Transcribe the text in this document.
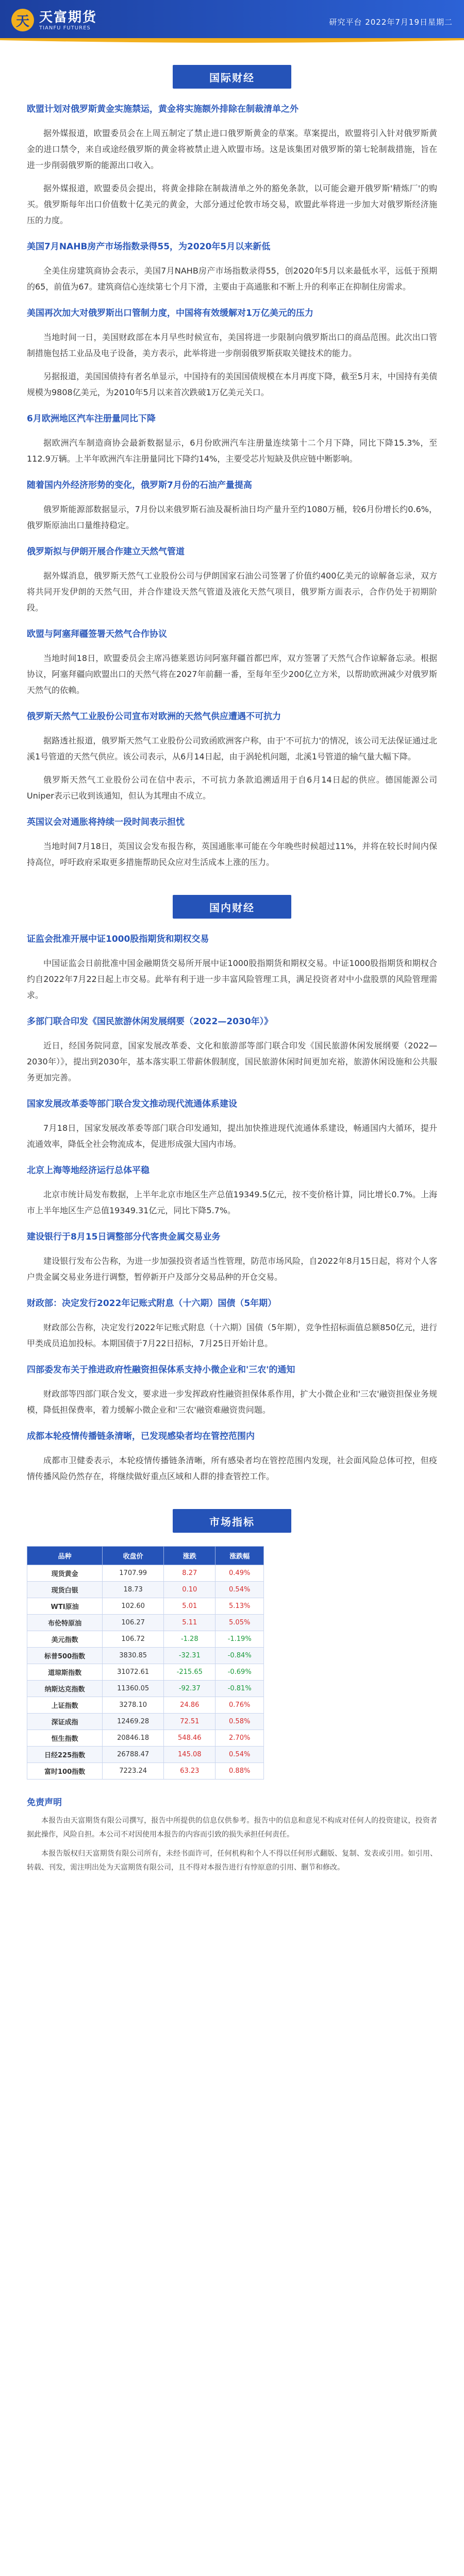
天 天富期货
TIANFU FUTURES
研究平台 2022年7月19日星期二
国际财经
欧盟计划对俄罗斯黄金实施禁运，黄金将实施额外排除在制裁清单之外
据外媒报道，欧盟委员会在上周五制定了禁止进口俄罗斯黄金的草案。草案提出，欧盟将引入针对俄罗斯黄金的进口禁令，来自或途经俄罗斯的黄金将被禁止进入欧盟市场。这是该集团对俄罗斯的第七轮制裁措施，旨在进一步削弱俄罗斯的能源出口收入。
据外媒报道，欧盟委员会提出，将黄金排除在制裁清单之外的豁免条款，以可能会避开俄罗斯'精炼厂'的购买。俄罗斯每年出口价值数十亿美元的黄金，大部分通过伦敦市场交易，欧盟此举将进一步加大对俄罗斯经济施压的力度。
美国7月NAHB房产市场指数录得55，为2020年5月以来新低
全美住房建筑商协会表示，美国7月NAHB房产市场指数录得55，创2020年5月以来最低水平，远低于预期的65，前值为67。建筑商信心连续第七个月下滑，主要由于高通胀和不断上升的利率正在抑制住房需求。
美国再次加大对俄罗斯出口管制力度，中国将有效缓解对1万亿美元的压力
当地时间一日，美国财政部在本月早些时候宣布，美国将进一步限制向俄罗斯出口的商品范围。此次出口管制措施包括工业品及电子设备，美方表示，此举将进一步削弱俄罗斯获取关键技术的能力。
另据报道，美国国债持有者名单显示，中国持有的美国国债规模在本月再度下降，截至5月末，中国持有美债规模为9808亿美元，为2010年5月以来首次跌破1万亿美元关口。
6月欧洲地区汽车注册量同比下降
据欧洲汽车制造商协会最新数据显示，6月份欧洲汽车注册量连续第十二个月下降，同比下降15.3%，至112.9万辆。上半年欧洲汽车注册量同比下降约14%，主要受芯片短缺及供应链中断影响。
随着国内外经济形势的变化，俄罗斯7月份的石油产量提高
俄罗斯能源部数据显示，7月份以来俄罗斯石油及凝析油日均产量升至约1080万桶，较6月份增长约0.6%，俄罗斯原油出口量维持稳定。
俄罗斯拟与伊朗开展合作建立天然气管道
据外媒消息，俄罗斯天然气工业股份公司与伊朗国家石油公司签署了价值约400亿美元的谅解备忘录，双方将共同开发伊朗的天然气田，并合作建设天然气管道及液化天然气项目，俄罗斯方面表示，合作仍处于初期阶段。
欧盟与阿塞拜疆签署天然气合作协议
当地时间18日，欧盟委员会主席冯德莱恩访问阿塞拜疆首都巴库，双方签署了天然气合作谅解备忘录。根据协议，阿塞拜疆向欧盟出口的天然气将在2027年前翻一番，至每年至少200亿立方米，以帮助欧洲减少对俄罗斯天然气的依赖。
俄罗斯天然气工业股份公司宣布对欧洲的天然气供应遭遇不可抗力
据路透社报道，俄罗斯天然气工业股份公司致函欧洲客户称，由于'不可抗力'的情况，该公司无法保证通过北溪1号管道的天然气供应。该公司表示，从6月14日起，由于涡轮机问题，北溪1号管道的输气量大幅下降。
俄罗斯天然气工业股份公司在信中表示，不可抗力条款追溯适用于自6月14日起的供应。德国能源公司Uniper表示已收到该通知，但认为其理由不成立。
英国议会对通胀将持续一段时间表示担忧
当地时间7月18日，英国议会发布报告称，英国通胀率可能在今年晚些时候超过11%，并将在较长时间内保持高位，呼吁政府采取更多措施帮助民众应对生活成本上涨的压力。
国内财经
证监会批准开展中证1000股指期货和期权交易
中国证监会日前批准中国金融期货交易所开展中证1000股指期货和期权交易。中证1000股指期货和期权合约自2022年7月22日起上市交易。此举有利于进一步丰富风险管理工具，满足投资者对中小盘股票的风险管理需求。
多部门联合印发《国民旅游休闲发展纲要（2022—2030年）》
近日，经国务院同意，国家发展改革委、文化和旅游部等部门联合印发《国民旅游休闲发展纲要（2022—2030年）》，提出到2030年，基本落实职工带薪休假制度，国民旅游休闲时间更加充裕，旅游休闲设施和公共服务更加完善。
国家发展改革委等部门联合发文推动现代流通体系建设
7月18日，国家发展改革委等部门联合印发通知，提出加快推进现代流通体系建设，畅通国内大循环，提升流通效率，降低全社会物流成本，促进形成强大国内市场。
北京上海等地经济运行总体平稳
北京市统计局发布数据，上半年北京市地区生产总值19349.5亿元，按不变价格计算，同比增长0.7%。上海市上半年地区生产总值19349.31亿元，同比下降5.7%。
建设银行于8月15日调整部分代客贵金属交易业务
建设银行发布公告称，为进一步加强投资者适当性管理，防范市场风险，自2022年8月15日起，将对个人客户贵金属交易业务进行调整，暂停新开户及部分交易品种的开仓交易。
财政部：决定发行2022年记账式附息（十六期）国债（5年期）
财政部公告称，决定发行2022年记账式附息（十六期）国债（5年期），竞争性招标面值总额850亿元，进行甲类成员追加投标。本期国债于7月22日招标，7月25日开始计息。
四部委发布关于推进政府性融资担保体系支持小微企业和'三农'的通知
财政部等四部门联合发文，要求进一步发挥政府性融资担保体系作用，扩大小微企业和'三农'融资担保业务规模，降低担保费率，着力缓解小微企业和'三农'融资难融资贵问题。
成都本轮疫情传播链条清晰，已发现感染者均在管控范围内
成都市卫健委表示，本轮疫情传播链条清晰，所有感染者均在管控范围内发现，社会面风险总体可控，但疫情传播风险仍然存在，将继续做好重点区域和人群的排查管控工作。
市场指标
品种	收盘价	涨跌	涨跌幅
现货黄金	1707.99	8.27	0.49%
现货白银	18.73	0.10	0.54%
WTI原油	102.60	5.01	5.13%
布伦特原油	106.27	5.11	5.05%
美元指数	106.72	-1.28	-1.19%
标普500指数	3830.85	-32.31	-0.84%
道琼斯指数	31072.61	-215.65	-0.69%
纳斯达克指数	11360.05	-92.37	-0.81%
上证指数	3278.10	24.86	0.76%
深证成指	12469.28	72.51	0.58%
恒生指数	20846.18	548.46	2.70%
日经225指数	26788.47	145.08	0.54%
富时100指数	7223.24	63.23	0.88%
免责声明
本报告由天富期货有限公司撰写，报告中所提供的信息仅供参考。报告中的信息和意见不构成对任何人的投资建议，投资者据此操作，风险自担。本公司不对因使用本报告的内容而引致的损失承担任何责任。
本报告版权归天富期货有限公司所有，未经书面许可，任何机构和个人不得以任何形式翻版、复制、发表或引用。如引用、转载、刊发，需注明出处为天富期货有限公司，且不得对本报告进行有悖原意的引用、删节和修改。
